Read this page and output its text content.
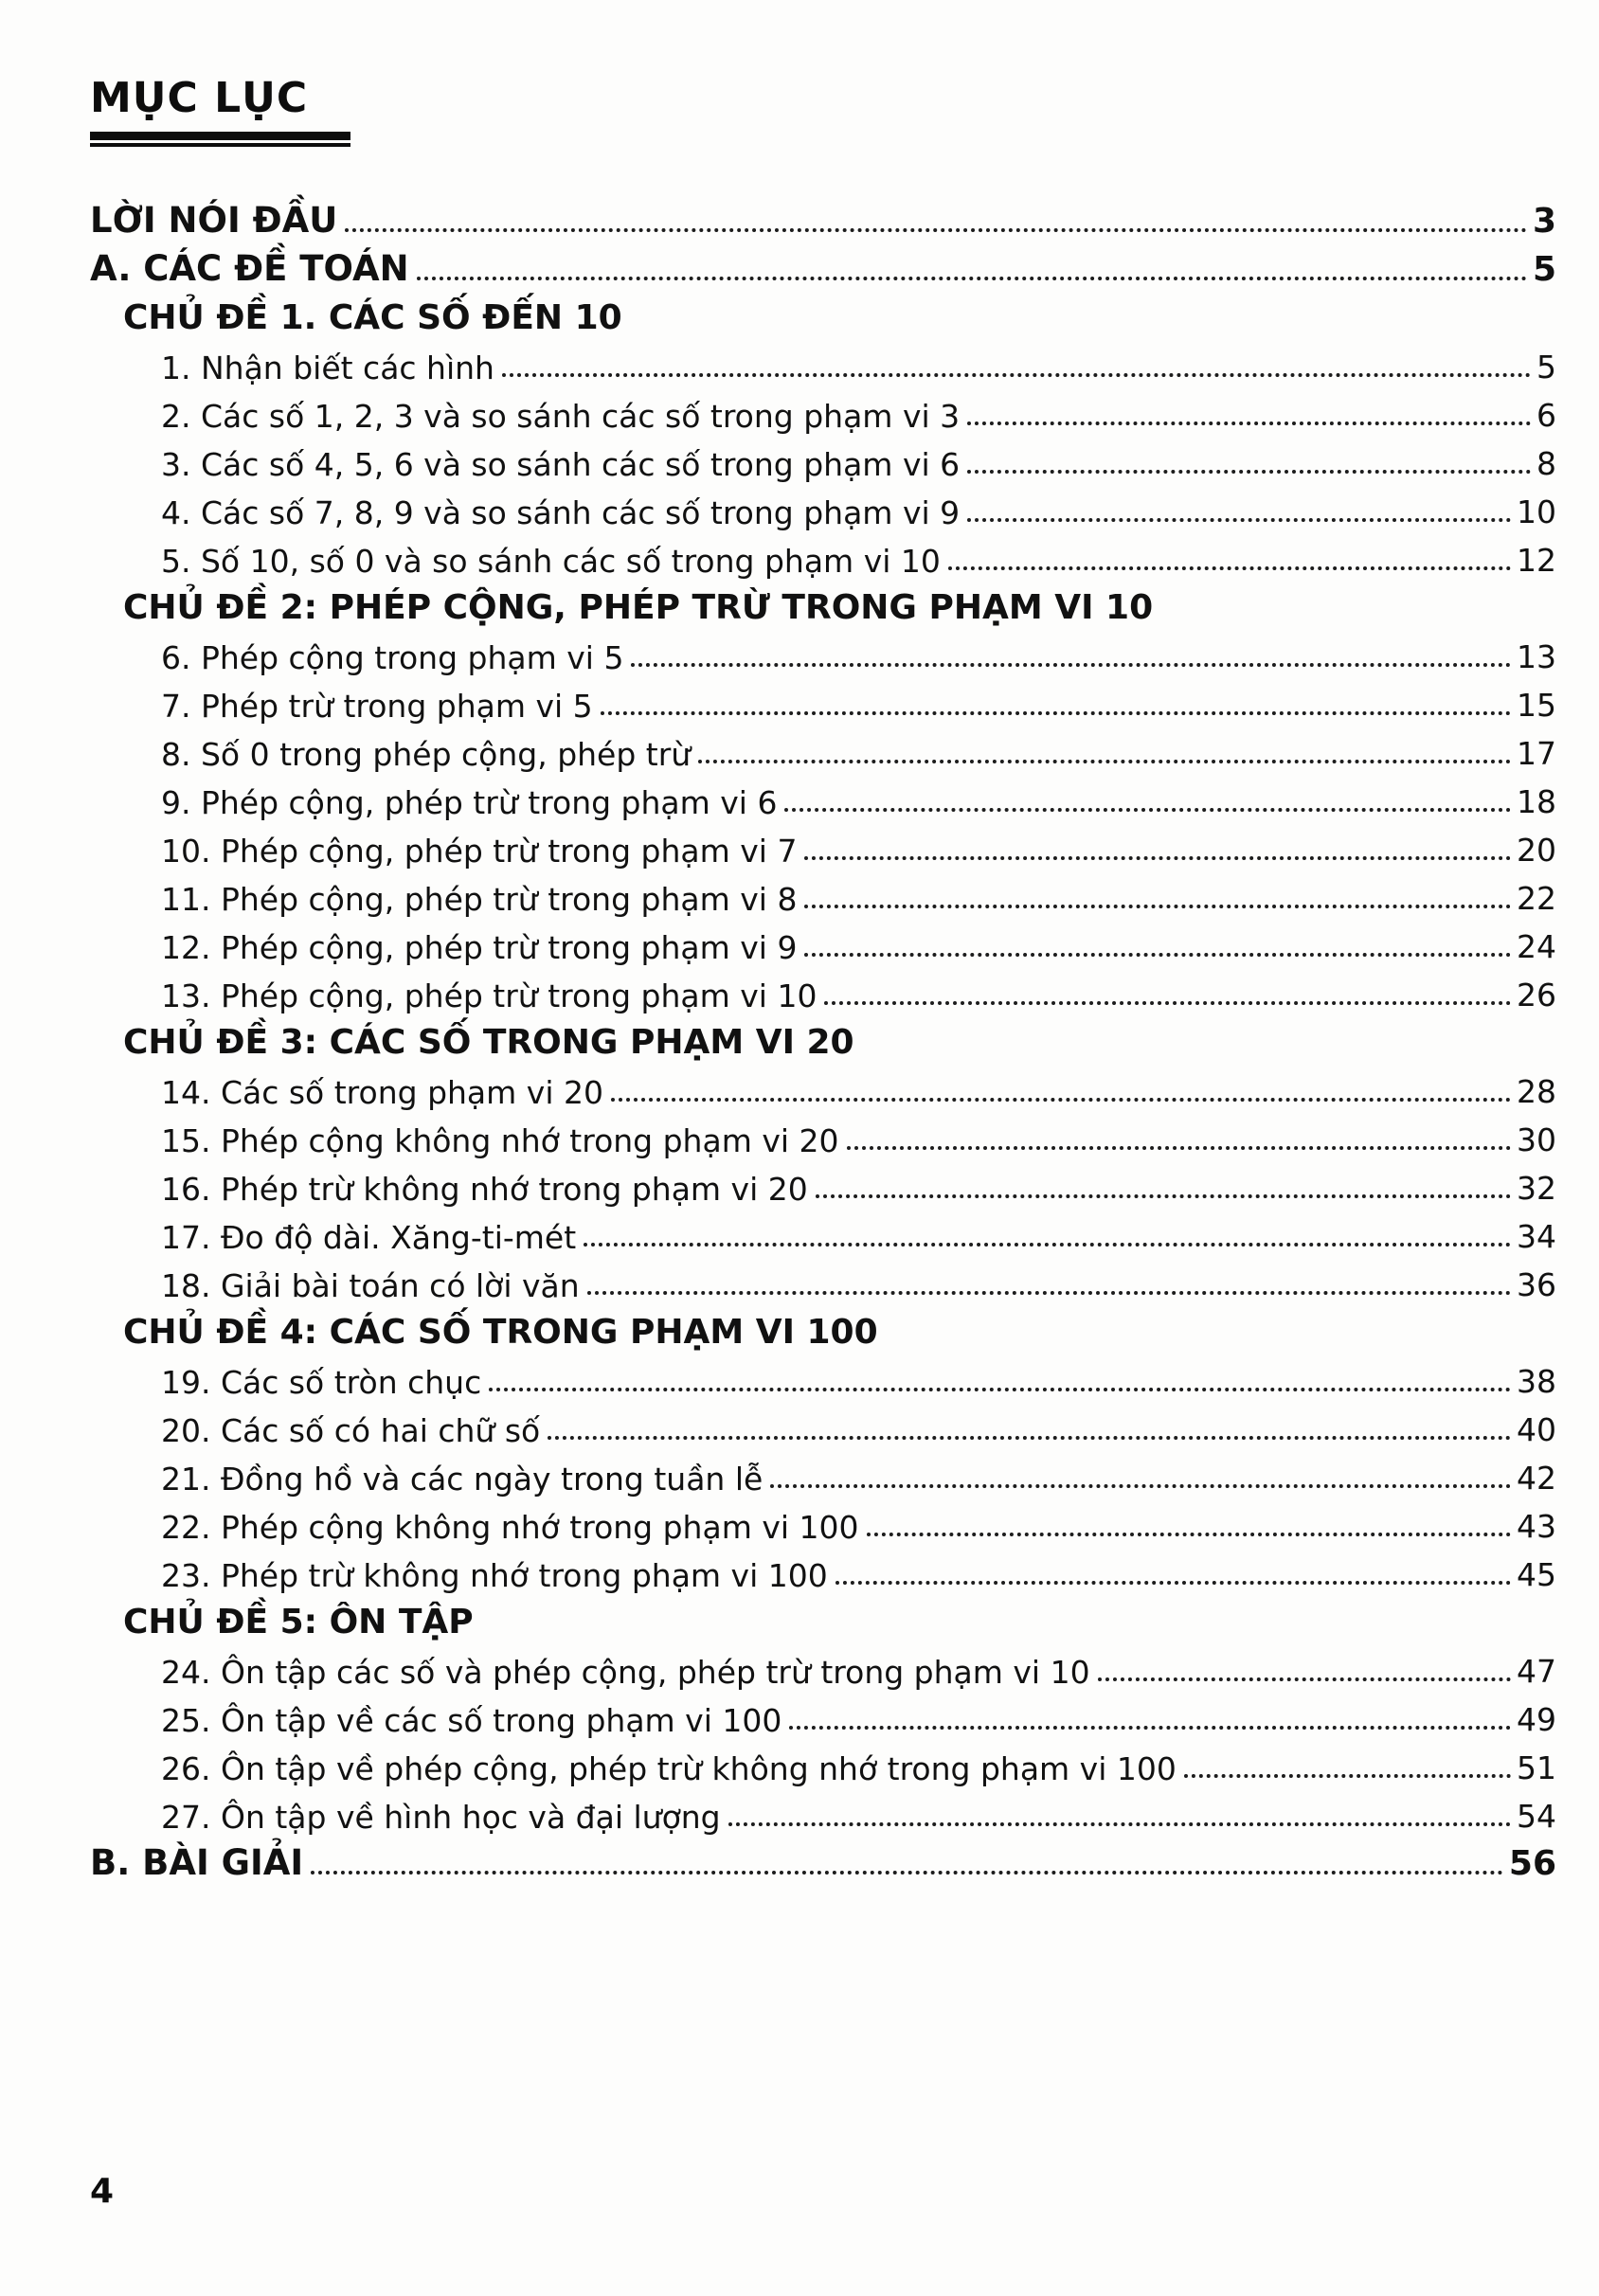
MỤC LỤC
LỜI NÓI ĐẦU	3
A. CÁC ĐỀ TOÁN	5
CHỦ ĐỀ 1. CÁC SỐ ĐẾN 10
1. Nhận biết các hình	5
2. Các số 1, 2, 3 và so sánh các số trong phạm vi 3	6
3. Các số 4, 5, 6 và so sánh các số trong phạm vi 6	8
4. Các số 7, 8, 9 và so sánh các số trong phạm vi 9	10
5. Số 10, số 0 và so sánh các số trong phạm vi 10	12
CHỦ ĐỀ 2: PHÉP CỘNG, PHÉP TRỪ TRONG PHẠM VI 10
6. Phép cộng trong phạm vi 5	13
7. Phép trừ trong phạm vi 5	15
8. Số 0 trong phép cộng, phép trừ	17
9. Phép cộng, phép trừ trong phạm vi 6	18
10. Phép cộng, phép trừ trong phạm vi 7	20
11. Phép cộng, phép trừ trong phạm vi 8	22
12. Phép cộng, phép trừ trong phạm vi 9	24
13. Phép cộng, phép trừ trong phạm vi 10	26
CHỦ ĐỀ 3: CÁC SỐ TRONG PHẠM VI 20
14. Các số trong phạm vi 20	28
15. Phép cộng không nhớ trong phạm vi 20	30
16. Phép trừ không nhớ trong phạm vi 20	32
17. Đo độ dài. Xăng-ti-mét	34
18. Giải bài toán có lời văn	36
CHỦ ĐỀ 4: CÁC SỐ TRONG PHẠM VI 100
19. Các số tròn chục	38
20. Các số có hai chữ số	40
21. Đồng hồ và các ngày trong tuần lễ	42
22. Phép cộng không nhớ trong phạm vi 100	43
23. Phép trừ không nhớ trong phạm vi 100	45
CHỦ ĐỀ 5: ÔN TẬP
24. Ôn tập các số và phép cộng, phép trừ trong phạm vi 10	47
25. Ôn tập về các số trong phạm vi 100	49
26. Ôn tập về phép cộng, phép trừ không nhớ trong phạm vi 100	51
27. Ôn tập về hình học và đại lượng	54
B. BÀI GIẢI	56
4
